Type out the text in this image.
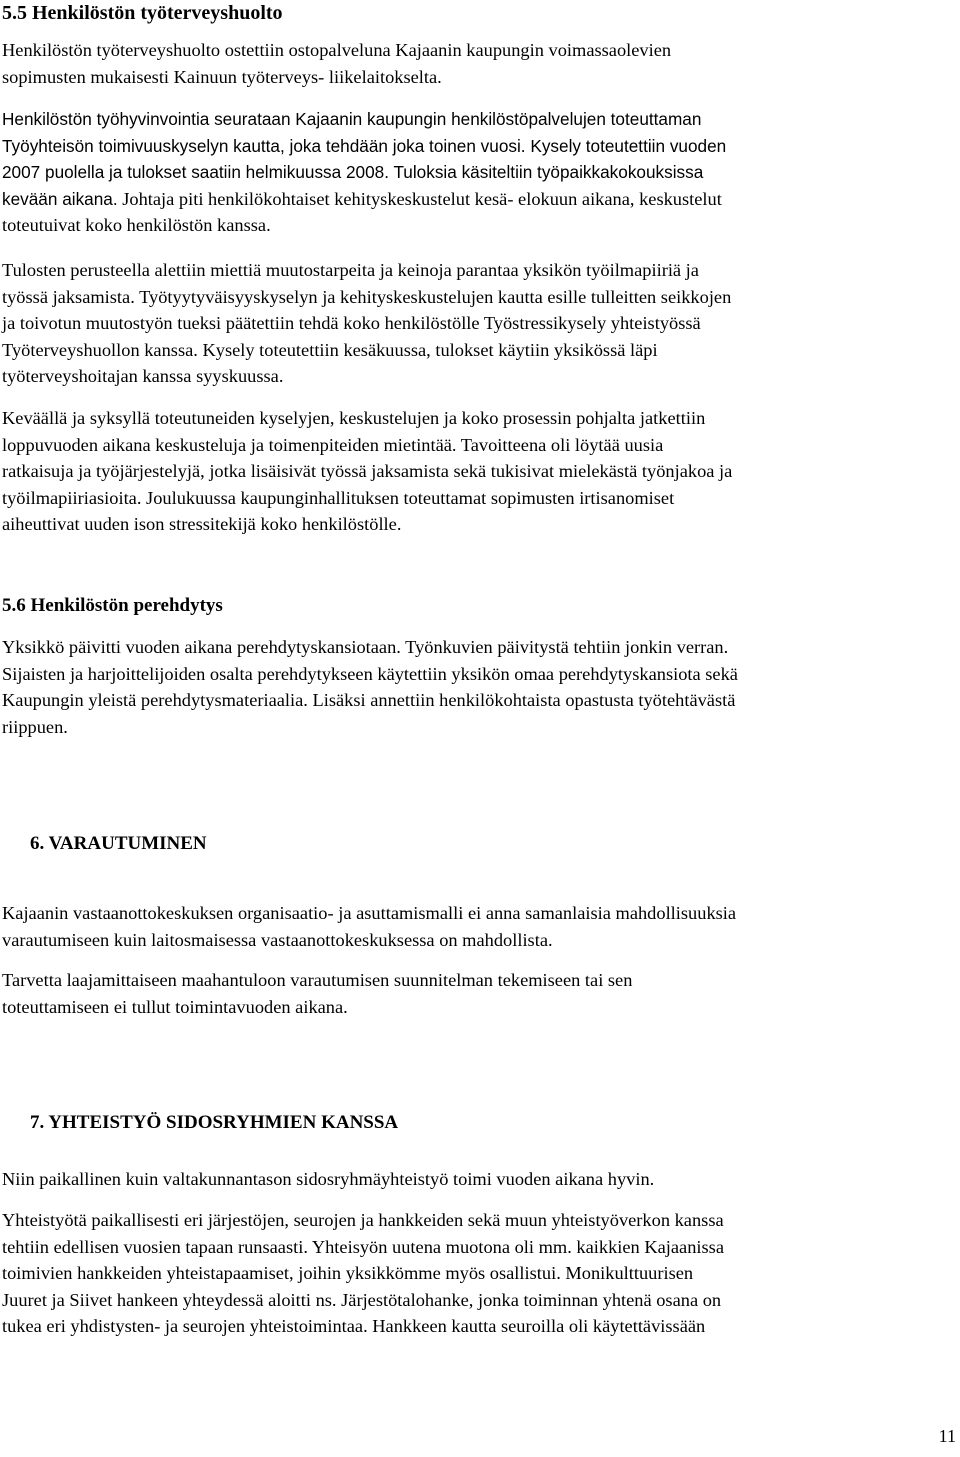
5.5 Henkilöstön työterveyshuolto

Henkilöstön työterveyshuolto ostettiin ostopalveluna Kajaanin kaupungin voimassaolevien
sopimusten mukaisesti Kainuun työterveys- liikelaitokselta.

Henkilöstön työhyvinvointia seurataan Kajaanin kaupungin henkilöstöpalvelujen toteuttaman
Työyhteisön toimivuuskyselyn kautta, joka tehdään joka toinen vuosi. Kysely toteutettiin vuoden
2007 puolella ja tulokset saatiin helmikuussa 2008. Tuloksia käsiteltiin työpaikkakokouksissa
kevään aikana. Johtaja piti henkilökohtaiset kehityskeskustelut kesä- elokuun aikana, keskustelut
toteutuivat koko henkilöstön kanssa.

Tulosten perusteella alettiin miettiä muutostarpeita ja keinoja parantaa yksikön työilmapiiriä ja
työssä jaksamista. Työtyytyväisyyskyselyn ja kehityskeskustelujen kautta esille tulleitten seikkojen
ja toivotun muutostyön tueksi päätettiin tehdä koko henkilöstölle Työstressikysely yhteistyössä
Työterveyshuollon kanssa. Kysely toteutettiin kesäkuussa, tulokset käytiin yksikössä läpi
työterveyshoitajan kanssa syyskuussa.

Keväällä ja syksyllä toteutuneiden kyselyjen, keskustelujen ja koko prosessin pohjalta jatkettiin
loppuvuoden aikana keskusteluja ja toimenpiteiden mietintää. Tavoitteena oli löytää uusia
ratkaisuja ja työjärjestelyjä, jotka lisäisivät työssä jaksamista sekä tukisivat mielekästä työnjakoa ja
työilmapiiriasioita. Joulukuussa kaupunginhallituksen toteuttamat sopimusten irtisanomiset
aiheuttivat uuden ison stressitekijä koko henkilöstölle.

5.6 Henkilöstön perehdytys

Yksikkö päivitti vuoden aikana perehdytyskansiotaan. Työnkuvien päivitystä tehtiin jonkin verran.
Sijaisten ja harjoittelijoiden osalta perehdytykseen käytettiin yksikön omaa perehdytyskansiota sekä
Kaupungin yleistä perehdytysmateriaalia. Lisäksi annettiin henkilökohtaista opastusta työtehtävästä
riippuen.

6. VARAUTUMINEN

Kajaanin vastaanottokeskuksen organisaatio- ja asuttamismalli ei anna samanlaisia mahdollisuuksia
varautumiseen kuin laitosmaisessa vastaanottokeskuksessa on mahdollista.

Tarvetta laajamittaiseen maahantuloon varautumisen suunnitelman tekemiseen tai sen
toteuttamiseen ei tullut toimintavuoden aikana.

7. YHTEISTYÖ SIDOSRYHMIEN KANSSA

Niin paikallinen kuin valtakunnantason sidosryhmäyhteistyö toimi vuoden aikana hyvin.

Yhteistyötä paikallisesti eri järjestöjen, seurojen ja hankkeiden sekä muun yhteistyöverkon kanssa
tehtiin edellisen vuosien tapaan runsaasti. Yhteisyön uutena muotona oli mm. kaikkien Kajaanissa
toimivien hankkeiden yhteistapaamiset, joihin yksikkömme myös osallistui. Monikulttuurisen
Juuret ja Siivet hankeen yhteydessä aloitti ns. Järjestötalohanke, jonka toiminnan yhtenä osana on
tukea eri yhdistysten- ja seurojen yhteistoimintaa. Hankkeen kautta seuroilla oli käytettävissään

11
